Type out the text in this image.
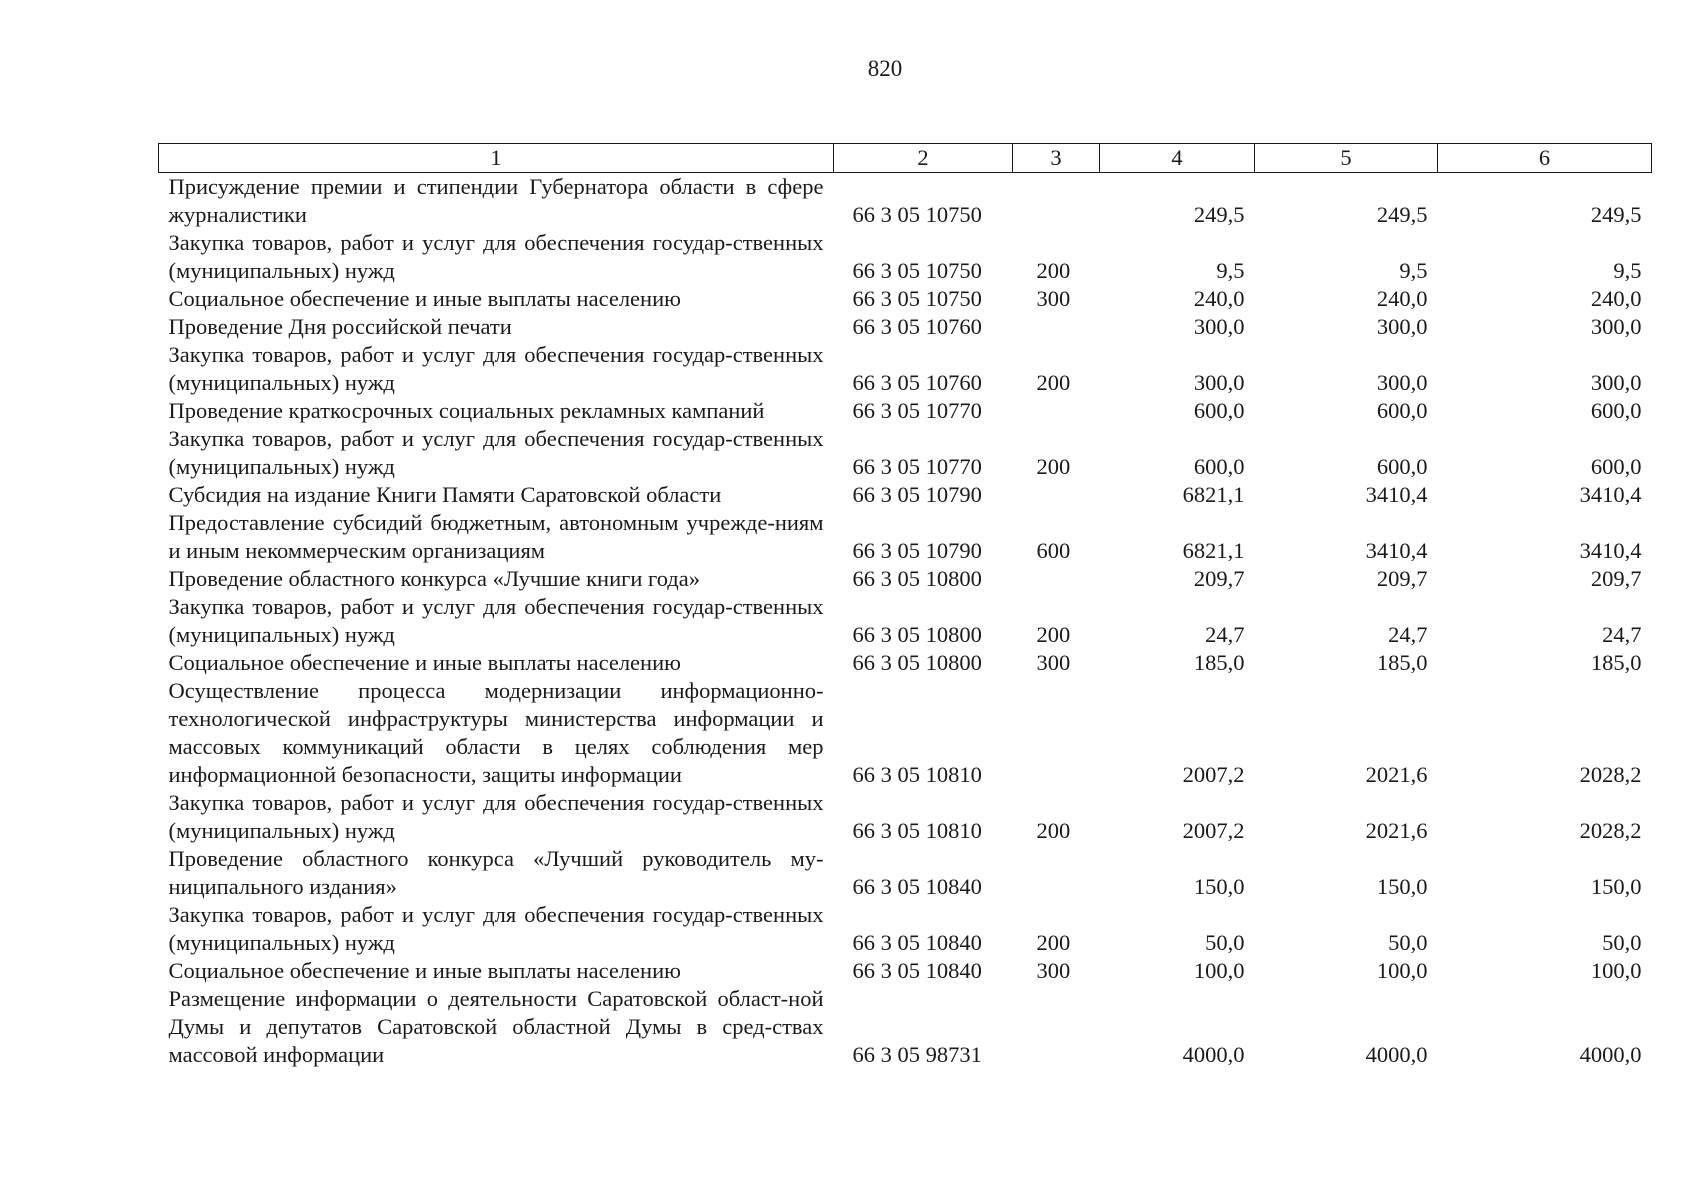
820
1	2	3	4	5	6
Присуждение премии и стипендии Губернатора области в сфере журналистики	66 3 05 10750		249,5	249,5	249,5
Закупка товаров, работ и услуг для обеспечения государ-ственных (муниципальных) нужд	66 3 05 10750	200	9,5	9,5	9,5
Социальное обеспечение и иные выплаты населению	66 3 05 10750	300	240,0	240,0	240,0
Проведение Дня российской печати	66 3 05 10760		300,0	300,0	300,0
Закупка товаров, работ и услуг для обеспечения государ-ственных (муниципальных) нужд	66 3 05 10760	200	300,0	300,0	300,0
Проведение краткосрочных социальных рекламных кампаний	66 3 05 10770		600,0	600,0	600,0
Закупка товаров, работ и услуг для обеспечения государ-ственных (муниципальных) нужд	66 3 05 10770	200	600,0	600,0	600,0
Субсидия на издание Книги Памяти Саратовской области	66 3 05 10790		6821,1	3410,4	3410,4
Предоставление субсидий бюджетным, автономным учрежде-ниям и иным некоммерческим организациям	66 3 05 10790	600	6821,1	3410,4	3410,4
Проведение областного конкурса «Лучшие книги года»	66 3 05 10800		209,7	209,7	209,7
Закупка товаров, работ и услуг для обеспечения государ-ственных (муниципальных) нужд	66 3 05 10800	200	24,7	24,7	24,7
Социальное обеспечение и иные выплаты населению	66 3 05 10800	300	185,0	185,0	185,0
Осуществление процесса модернизации информационно-технологической инфраструктуры министерства информации и массовых коммуникаций области в целях соблюдения мер информационной безопасности, защиты информации	66 3 05 10810		2007,2	2021,6	2028,2
Закупка товаров, работ и услуг для обеспечения государ-ственных (муниципальных) нужд	66 3 05 10810	200	2007,2	2021,6	2028,2
Проведение областного конкурса «Лучший руководитель му-ниципального издания»	66 3 05 10840		150,0	150,0	150,0
Закупка товаров, работ и услуг для обеспечения государ-ственных (муниципальных) нужд	66 3 05 10840	200	50,0	50,0	50,0
Социальное обеспечение и иные выплаты населению	66 3 05 10840	300	100,0	100,0	100,0
Размещение информации о деятельности Саратовской област-ной Думы и депутатов Саратовской областной Думы в сред-ствах массовой информации	66 3 05 98731		4000,0	4000,0	4000,0
